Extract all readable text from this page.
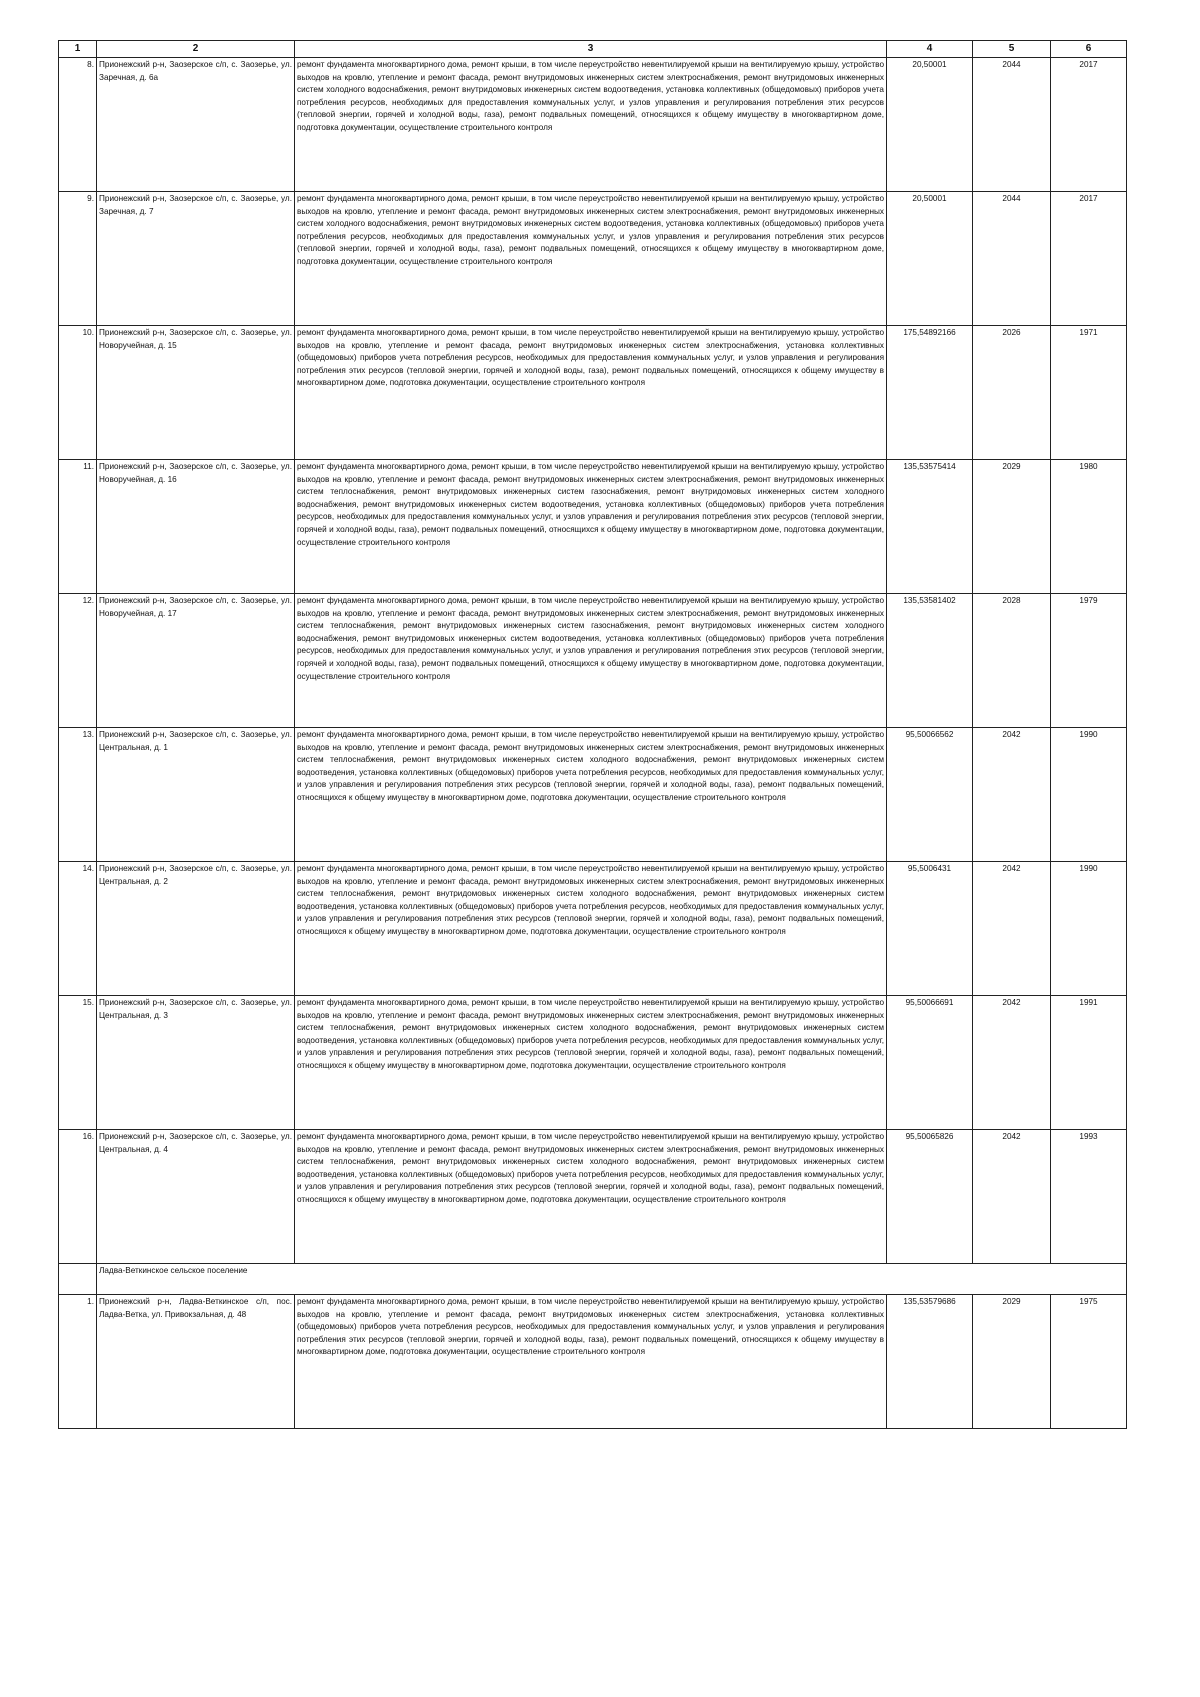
1	2	3	4	5	6
8.	Прионежский р-н, Заозерское с/п, с. Заозерье, ул. Заречная, д. 6а	ремонт фундамента многоквартирного дома, ремонт крыши, в том числе переустройство невентилируемой крыши на вентилируемую крышу, устройство выходов на кровлю, утепление и ремонт фасада, ремонт внутридомовых инженерных систем электроснабжения, ремонт внутридомовых инженерных систем холодного водоснабжения, ремонт внутридомовых инженерных систем водоотведения, установка коллективных (общедомовых) приборов учета потребления ресурсов, необходимых для предоставления коммунальных услуг, и узлов управления и регулирования потребления этих ресурсов (тепловой энергии, горячей и холодной воды, газа), ремонт подвальных помещений, относящихся к общему имуществу в многоквартирном доме, подготовка документации, осуществление строительного контроля	20,50001	2044	2017
9.	Прионежский р-н, Заозерское с/п, с. Заозерье, ул. Заречная, д. 7	ремонт фундамента многоквартирного дома, ремонт крыши, в том числе переустройство невентилируемой крыши на вентилируемую крышу, устройство выходов на кровлю, утепление и ремонт фасада, ремонт внутридомовых инженерных систем электроснабжения, ремонт внутридомовых инженерных систем холодного водоснабжения, ремонт внутридомовых инженерных систем водоотведения, установка коллективных (общедомовых) приборов учета потребления ресурсов, необходимых для предоставления коммунальных услуг, и узлов управления и регулирования потребления этих ресурсов (тепловой энергии, горячей и холодной воды, газа), ремонт подвальных помещений, относящихся к общему имуществу в многоквартирном доме, подготовка документации, осуществление строительного контроля	20,50001	2044	2017
10.	Прионежский р-н, Заозерское с/п, с. Заозерье, ул. Новоручейная, д. 15	ремонт фундамента многоквартирного дома, ремонт крыши, в том числе переустройство невентилируемой крыши на вентилируемую крышу, устройство выходов на кровлю, утепление и ремонт фасада, ремонт внутридомовых инженерных систем электроснабжения, установка коллективных (общедомовых) приборов учета потребления ресурсов, необходимых для предоставления коммунальных услуг, и узлов управления и регулирования потребления этих ресурсов (тепловой энергии, горячей и холодной воды, газа), ремонт подвальных помещений, относящихся к общему имуществу в многоквартирном доме, подготовка документации, осуществление строительного контроля	175,54892166	2026	1971
11.	Прионежский р-н, Заозерское с/п, с. Заозерье, ул. Новоручейная, д. 16	ремонт фундамента многоквартирного дома, ремонт крыши, в том числе переустройство невентилируемой крыши на вентилируемую крышу, устройство выходов на кровлю, утепление и ремонт фасада, ремонт внутридомовых инженерных систем электроснабжения, ремонт внутридомовых инженерных систем теплоснабжения, ремонт внутридомовых инженерных систем газоснабжения, ремонт внутридомовых инженерных систем холодного водоснабжения, ремонт внутридомовых инженерных систем водоотведения, установка коллективных (общедомовых) приборов учета потребления ресурсов, необходимых для предоставления коммунальных услуг, и узлов управления и регулирования потребления этих ресурсов (тепловой энергии, горячей и холодной воды, газа), ремонт подвальных помещений, относящихся к общему имуществу в многоквартирном доме, подготовка документации, осуществление строительного контроля	135,53575414	2029	1980
12.	Прионежский р-н, Заозерское с/п, с. Заозерье, ул. Новоручейная, д. 17	ремонт фундамента многоквартирного дома, ремонт крыши, в том числе переустройство невентилируемой крыши на вентилируемую крышу, устройство выходов на кровлю, утепление и ремонт фасада, ремонт внутридомовых инженерных систем электроснабжения, ремонт внутридомовых инженерных систем теплоснабжения, ремонт внутридомовых инженерных систем газоснабжения, ремонт внутридомовых инженерных систем холодного водоснабжения, ремонт внутридомовых инженерных систем водоотведения, установка коллективных (общедомовых) приборов учета потребления ресурсов, необходимых для предоставления коммунальных услуг, и узлов управления и регулирования потребления этих ресурсов (тепловой энергии, горячей и холодной воды, газа), ремонт подвальных помещений, относящихся к общему имуществу в многоквартирном доме, подготовка документации, осуществление строительного контроля	135,53581402	2028	1979
13.	Прионежский р-н, Заозерское с/п, с. Заозерье, ул. Центральная, д. 1	ремонт фундамента многоквартирного дома, ремонт крыши, в том числе переустройство невентилируемой крыши на вентилируемую крышу, устройство выходов на кровлю, утепление и ремонт фасада, ремонт внутридомовых инженерных систем электроснабжения, ремонт внутридомовых инженерных систем теплоснабжения, ремонт внутридомовых инженерных систем холодного водоснабжения, ремонт внутридомовых инженерных систем водоотведения, установка коллективных (общедомовых) приборов учета потребления ресурсов, необходимых для предоставления коммунальных услуг, и узлов управления и регулирования потребления этих ресурсов (тепловой энергии, горячей и холодной воды, газа), ремонт подвальных помещений, относящихся к общему имуществу в многоквартирном доме, подготовка документации, осуществление строительного контроля	95,50066562	2042	1990
14.	Прионежский р-н, Заозерское с/п, с. Заозерье, ул. Центральная, д. 2	ремонт фундамента многоквартирного дома, ремонт крыши, в том числе переустройство невентилируемой крыши на вентилируемую крышу, устройство выходов на кровлю, утепление и ремонт фасада, ремонт внутридомовых инженерных систем электроснабжения, ремонт внутридомовых инженерных систем теплоснабжения, ремонт внутридомовых инженерных систем холодного водоснабжения, ремонт внутридомовых инженерных систем водоотведения, установка коллективных (общедомовых) приборов учета потребления ресурсов, необходимых для предоставления коммунальных услуг, и узлов управления и регулирования потребления этих ресурсов (тепловой энергии, горячей и холодной воды, газа), ремонт подвальных помещений, относящихся к общему имуществу в многоквартирном доме, подготовка документации, осуществление строительного контроля	95,5006431	2042	1990
15.	Прионежский р-н, Заозерское с/п, с. Заозерье, ул. Центральная, д. 3	ремонт фундамента многоквартирного дома, ремонт крыши, в том числе переустройство невентилируемой крыши на вентилируемую крышу, устройство выходов на кровлю, утепление и ремонт фасада, ремонт внутридомовых инженерных систем электроснабжения, ремонт внутридомовых инженерных систем теплоснабжения, ремонт внутридомовых инженерных систем холодного водоснабжения, ремонт внутридомовых инженерных систем водоотведения, установка коллективных (общедомовых) приборов учета потребления ресурсов, необходимых для предоставления коммунальных услуг, и узлов управления и регулирования потребления этих ресурсов (тепловой энергии, горячей и холодной воды, газа), ремонт подвальных помещений, относящихся к общему имуществу в многоквартирном доме, подготовка документации, осуществление строительного контроля	95,50066691	2042	1991
16.	Прионежский р-н, Заозерское с/п, с. Заозерье, ул. Центральная, д. 4	ремонт фундамента многоквартирного дома, ремонт крыши, в том числе переустройство невентилируемой крыши на вентилируемую крышу, устройство выходов на кровлю, утепление и ремонт фасада, ремонт внутридомовых инженерных систем электроснабжения, ремонт внутридомовых инженерных систем теплоснабжения, ремонт внутридомовых инженерных систем холодного водоснабжения, ремонт внутридомовых инженерных систем водоотведения, установка коллективных (общедомовых) приборов учета потребления ресурсов, необходимых для предоставления коммунальных услуг, и узлов управления и регулирования потребления этих ресурсов (тепловой энергии, горячей и холодной воды, газа), ремонт подвальных помещений, относящихся к общему имуществу в многоквартирном доме, подготовка документации, осуществление строительного контроля	95,50065826	2042	1993
	Ладва-Веткинское сельское поселение				
1.	Прионежский р-н, Ладва-Веткинское с/п, пос. Ладва-Ветка, ул. Привокзальная, д. 48	ремонт фундамента многоквартирного дома, ремонт крыши, в том числе переустройство невентилируемой крыши на вентилируемую крышу, устройство выходов на кровлю, утепление и ремонт фасада, ремонт внутридомовых инженерных систем электроснабжения, установка коллективных (общедомовых) приборов учета потребления ресурсов, необходимых для предоставления коммунальных услуг, и узлов управления и регулирования потребления этих ресурсов (тепловой энергии, горячей и холодной воды, газа), ремонт подвальных помещений, относящихся к общему имуществу в многоквартирном доме, подготовка документации, осуществление строительного контроля	135,53579686	2029	1975
